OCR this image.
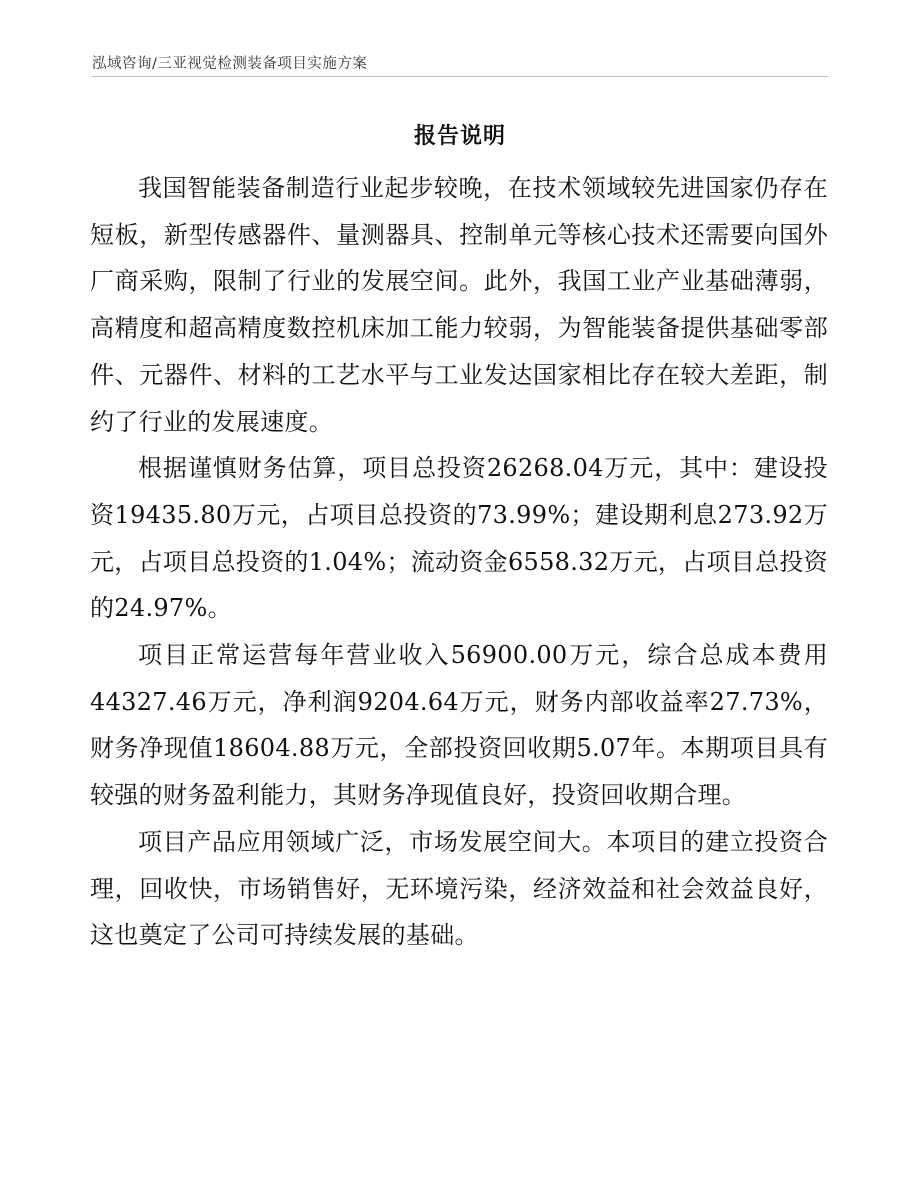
泓域咨询/三亚视觉检测装备项目实施方案
报告说明

我国智能装备制造行业起步较晚，在技术领域较先进国家仍存在短板，新型传感器件、量测器具、控制单元等核心技术还需要向国外厂商采购，限制了行业的发展空间。此外，我国工业产业基础薄弱，高精度和超高精度数控机床加工能力较弱，为智能装备提供基础零部件、元器件、材料的工艺水平与工业发达国家相比存在较大差距，制约了行业的发展速度。

根据谨慎财务估算，项目总投资26268.04万元，其中：建设投资19435.80万元，占项目总投资的73.99%；建设期利息273.92万元，占项目总投资的1.04%；流动资金6558.32万元，占项目总投资的24.97%。

项目正常运营每年营业收入56900.00万元，综合总成本费用44327.46万元，净利润9204.64万元，财务内部收益率27.73%，财务净现值18604.88万元，全部投资回收期5.07年。本期项目具有较强的财务盈利能力，其财务净现值良好，投资回收期合理。

项目产品应用领域广泛，市场发展空间大。本项目的建立投资合理，回收快，市场销售好，无环境污染，经济效益和社会效益良好，这也奠定了公司可持续发展的基础。
